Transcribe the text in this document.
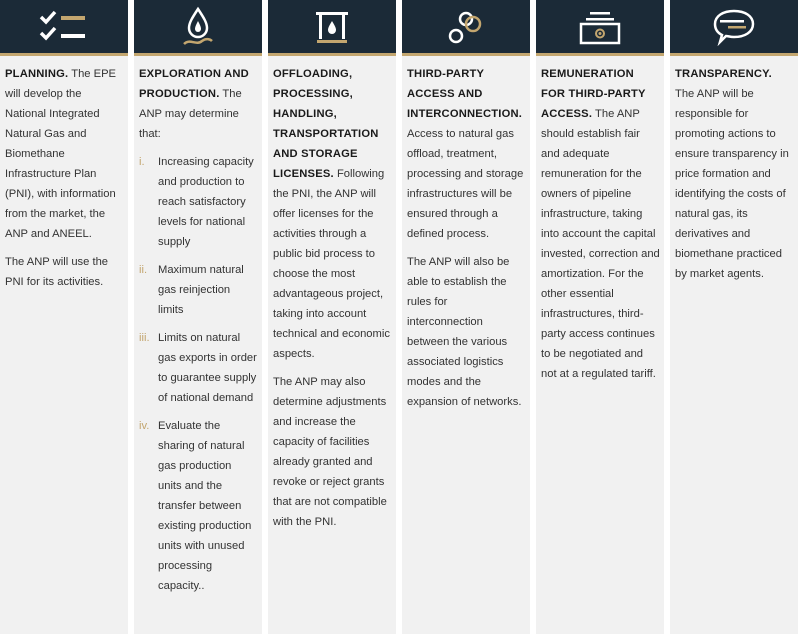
PLANNING. The EPE will develop the National Integrated Natural Gas and Biomethane Infrastructure Plan (PNI), with information from the market, the ANP and ANEEL.

The ANP will use the PNI for its activities.

EXPLORATION AND PRODUCTION. The ANP may determine that:

i.	Increasing capacity and production to reach satisfactory levels for national supply
ii. Maximum natural gas reinjection limits
iii. Limits on natural gas exports in order to guarantee supply of national demand
iv. Evaluate the sharing of natural gas production units and the transfer between existing production units with unused processing capacity..

OFFLOADING, PROCESSING, HANDLING, TRANSPORTATION AND STORAGE LICENSES. Following the PNI, the ANP will offer licenses for the activities through a public bid process to choose the most advantageous project, taking into account technical and economic aspects.

The ANP may also determine adjustments and increase the capacity of facilities already granted and revoke or reject grants that are not compatible with the PNI.

THIRD-PARTY ACCESS AND INTERCONNECTION. Access to natural gas offload, treatment, processing and storage infrastructures will be ensured through a defined process.

The ANP will also be able to establish the rules for interconnection between the various associated logistics modes and the expansion of networks.

REMUNERATION FOR THIRD-PARTY ACCESS. The ANP should establish fair and adequate remuneration for the owners of pipeline infrastructure, taking into account the capital invested, correction and amortization. For the other essential infrastructures, third-party access continues to be negotiated and not at a regulated tariff.

TRANSPARENCY. The ANP will be responsible for promoting actions to ensure transparency in price formation and identifying the costs of natural gas, its derivatives and biomethane practiced by market agents.
